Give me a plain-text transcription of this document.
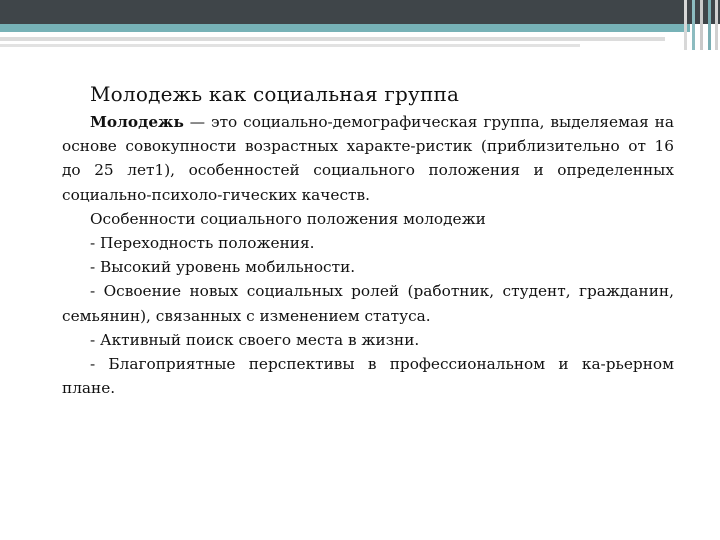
Молодежь как социальная группа

Молодежь — это социально-демографическая группа, выделяемая на основе совокупности возрастных характе-ристик (приблизительно от 16 до 25 лет1), особенностей социального положения и определенных социально-психоло-гических качеств.

Особенности социального положения молодежи

- Переходность положения.

- Высокий уровень мобильности.

- Освоение новых социальных ролей (работник, студент, гражданин, семьянин), связанных с изменением статуса.

- Активный поиск своего места в жизни.

- Благоприятные перспективы в профессиональном и ка-рьерном плане.
